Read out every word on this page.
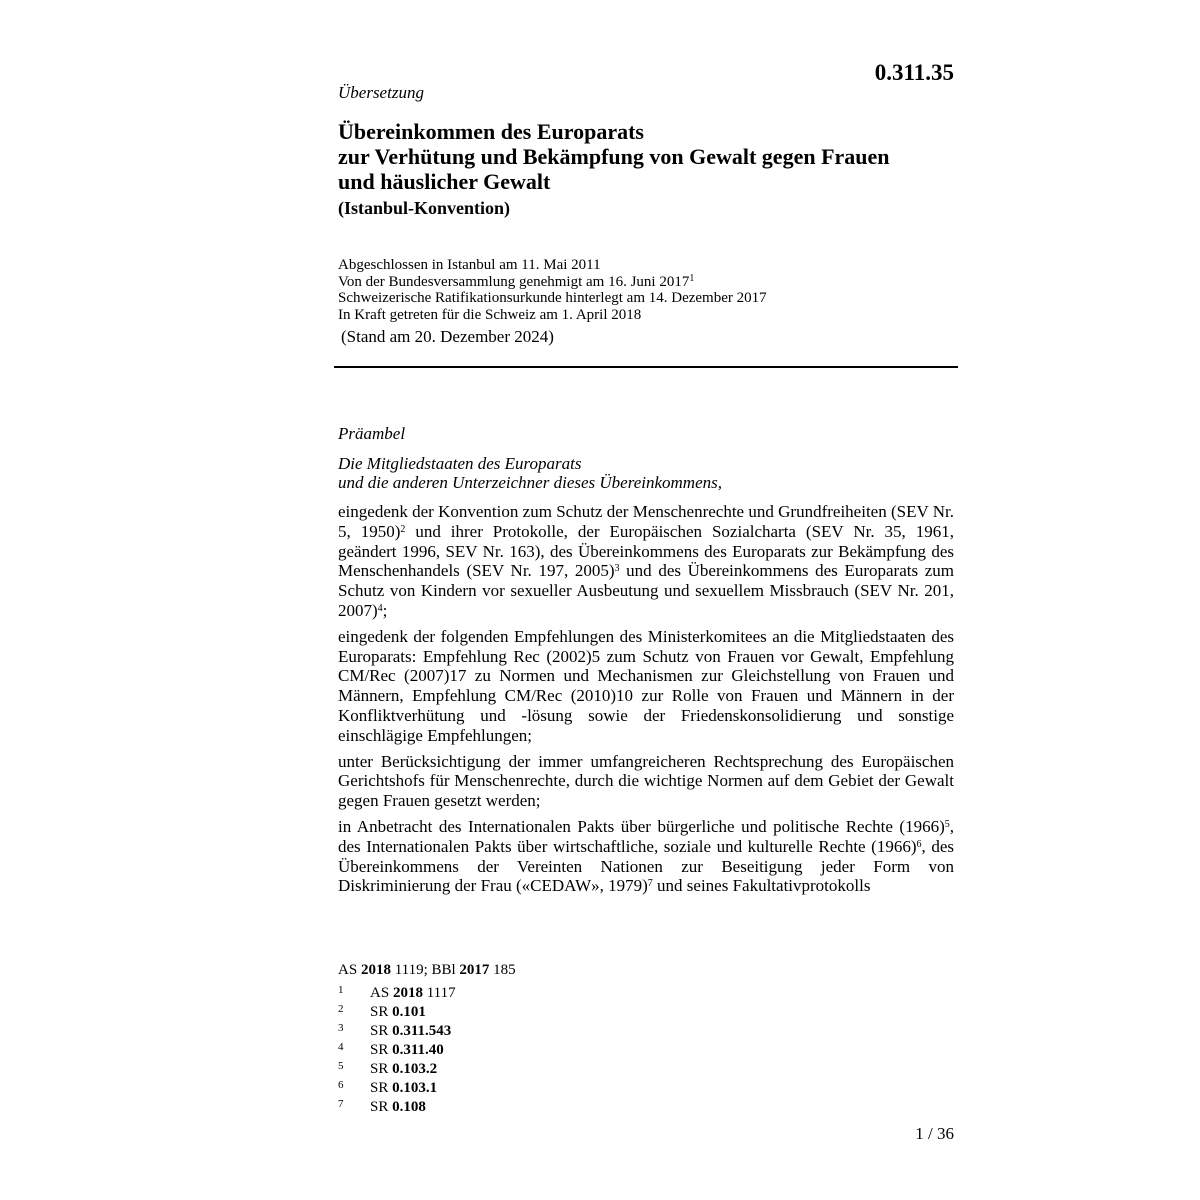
0.311.35
Übersetzung
Übereinkommen des Europarats
zur Verhütung und Bekämpfung von Gewalt gegen Frauen
und häuslicher Gewalt
(Istanbul-Konvention)
Abgeschlossen in Istanbul am 11. Mai 2011
Von der Bundesversammlung genehmigt am 16. Juni 2017$^1$
Schweizerische Ratifikationsurkunde hinterlegt am 14. Dezember 2017
In Kraft getreten für die Schweiz am 1. April 2018
(Stand am 20. Dezember 2024)
Präambel
Die Mitgliedstaaten des Europarats
und die anderen Unterzeichner dieses Übereinkommens,

eingedenk der Konvention zum Schutz der Menschenrechte und Grundfreiheiten (SEV Nr. 5, 1950)$^2$ und ihrer Protokolle, der Europäischen Sozialcharta (SEV Nr. 35, 1961, geändert 1996, SEV Nr. 163), des Übereinkommens des Europarats zur Bekämpfung des Menschenhandels (SEV Nr. 197, 2005)$^3$ und des Übereinkommens des Europarats zum Schutz von Kindern vor sexueller Ausbeutung und sexuellem Missbrauch (SEV Nr. 201, 2007)$^4$;

eingedenk der folgenden Empfehlungen des Ministerkomitees an die Mitgliedstaaten des Europarats: Empfehlung Rec (2002)5 zum Schutz von Frauen vor Gewalt, Empfehlung CM/Rec (2007)17 zu Normen und Mechanismen zur Gleichstellung von Frauen und Männern, Empfehlung CM/Rec (2010)10 zur Rolle von Frauen und Männern in der Konfliktverhütung und -lösung sowie der Friedenskonsolidierung und sonstige einschlägige Empfehlungen;

unter Berücksichtigung der immer umfangreicheren Rechtsprechung des Europäischen Gerichtshofs für Menschenrechte, durch die wichtige Normen auf dem Gebiet der Gewalt gegen Frauen gesetzt werden;

in Anbetracht des Internationalen Pakts über bürgerliche und politische Rechte $(1966)^5$, des Internationalen Pakts über wirtschaftliche, soziale und kulturelle Rechte $(1966)^6$, des Übereinkommens der Vereinten Nationen zur Beseitigung jeder Form von Diskriminierung der Frau («CEDAW», 1979)$^7$ und seines Fakultativprotokolls

AS 2018 1119; BBl 2017 185
1 AS 2018 1117
2 SR 0.101
3 SR 0.311.543
4 SR 0.311.40
5 SR 0.103.2
6 SR 0.103.1
7 SR 0.108
1 / 36
